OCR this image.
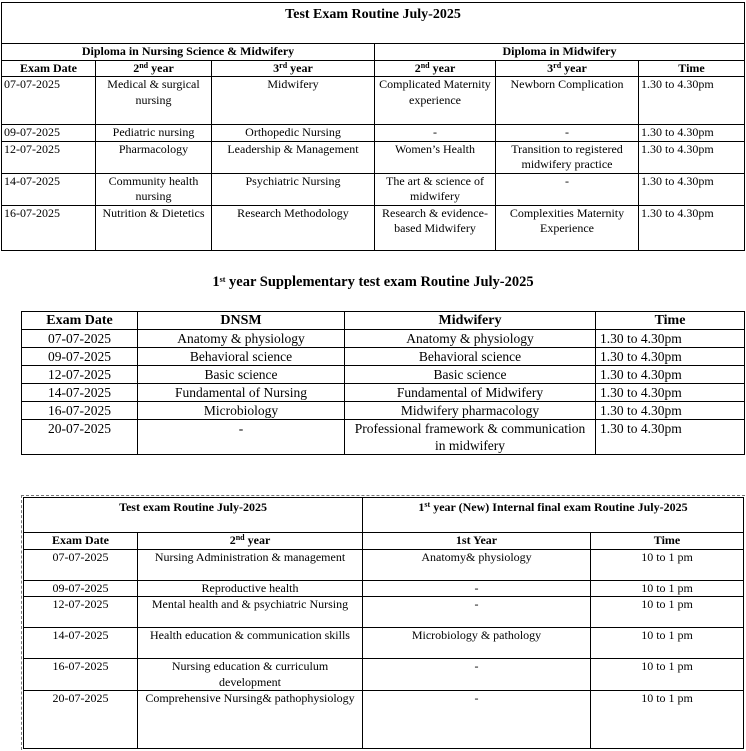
Test Exam Routine July-2025					
Diploma in Nursing Science & Midwifery			Diploma in Midwifery		
Exam Date	2nd year	3rd year	2nd year	3rd year	Time
07-07-2025	Medical & surgical nursing	Midwifery	Complicated Maternity experience	Newborn Complication	1.30 to 4.30pm
09-07-2025	Pediatric nursing	Orthopedic Nursing	-	-	1.30 to 4.30pm
12-07-2025	Pharmacology	Leadership & Management	Women’s Health	Transition to registered midwifery practice	1.30 to 4.30pm
14-07-2025	Community health nursing	Psychiatric Nursing	The art & science of midwifery	-	1.30 to 4.30pm
16-07-2025	Nutrition & Dietetics	Research Methodology	Research & evidence-based Midwifery	Complexities Maternity Experience	1.30 to 4.30pm
1st year Supplementary test exam Routine July-2025
Exam Date	DNSM	Midwifery	Time
07-07-2025	Anatomy & physiology	Anatomy & physiology	1.30 to 4.30pm
09-07-2025	Behavioral science	Behavioral science	1.30 to 4.30pm
12-07-2025	Basic science	Basic science	1.30 to 4.30pm
14-07-2025	Fundamental of Nursing	Fundamental of Midwifery	1.30 to 4.30pm
16-07-2025	Microbiology	Midwifery pharmacology	1.30 to 4.30pm
20-07-2025	-	Professional framework & communication in midwifery	1.30 to 4.30pm
Test exam Routine July-2025		1st year (New) Internal final exam Routine July-2025	
Exam Date	2nd year	1st Year	Time
07-07-2025	Nursing Administration & management	Anatomy& physiology	10 to 1 pm
09-07-2025	Reproductive health	-	10 to 1 pm
12-07-2025	Mental health and & psychiatric Nursing	-	10 to 1 pm
14-07-2025	Health education & communication skills	Microbiology & pathology	10 to 1 pm
16-07-2025	Nursing education & curriculum development	-	10 to 1 pm
20-07-2025	Comprehensive Nursing& pathophysiology	-	10 to 1 pm
